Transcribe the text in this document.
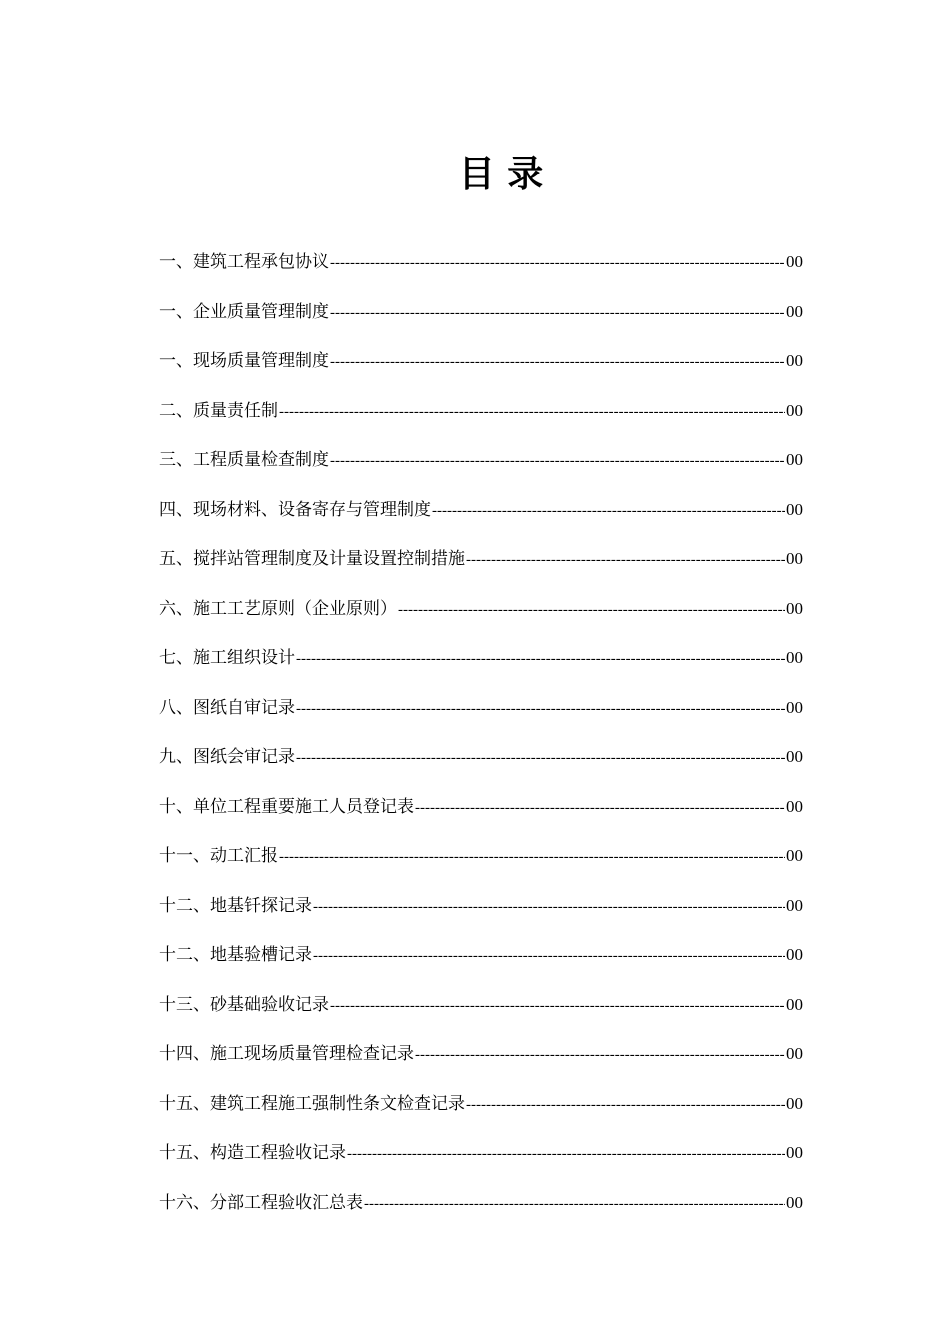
目 录
一、建筑工程承包协议 -----	00
一、企业质量管理制度 -----	00
一、现场质量管理制度 -----	00
二、质量责任制 -----	00
三、工程质量检查制度 -----	00
四、现场材料、设备寄存与管理制度 -----	00
五、搅拌站管理制度及计量设置控制措施 -----	00
六、施工工艺原则（企业原则） -----	00
七、施工组织设计 -----	00
八、图纸自审记录 -----	00
九、图纸会审记录 -----	00
十、单位工程重要施工人员登记表 -----	00
十一、动工汇报 -----	00
十二、地基钎探记录 -----	00
十二、地基验槽记录 -----	00
十三、砂基础验收记录 -----	00
十四、施工现场质量管理检查记录 -----	00
十五、建筑工程施工强制性条文检查记录 -----	00
十五、构造工程验收记录 -----	00
十六、分部工程验收汇总表 -----	00
